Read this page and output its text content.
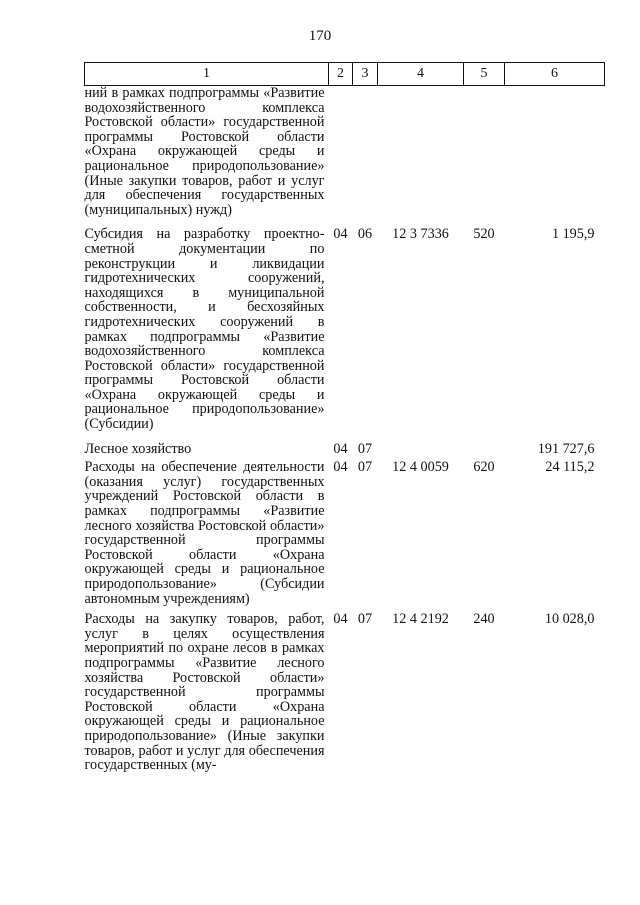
170
1	2	3	4	5	6
ний в рамках подпрограммы «Развитие водохозяйственного комплекса Ростовской области» государственной программы Ростовской области «Охрана окружающей среды и рациональное природопользование» (Иные закупки товаров, работ и услуг для обеспечения государственных (муниципальных) нужд)					

Субсидия на разработку проектно-сметной документации по реконструкции и ликвидации гидротехнических сооружений, находящихся в муниципальной собственности, и бесхозяйных гидротехнических сооружений в рамках подпрограммы «Развитие водохозяйственного комплекса Ростовской области» государственной программы Ростовской области «Охрана окружающей среды и рациональное природопользование» (Субсидии)	04	06	12 3 7336	520	1 195,9

Лесное хозяйство	04	07			191 727,6

Расходы на обеспечение деятельности (оказания услуг) государственных учреждений Ростовской области в рамках подпрограммы «Развитие лесного хозяйства Ростовской области» государственной программы Ростовской области «Охрана окружающей среды и рациональное природопользование» (Субсидии автономным учреждениям)	04	07	12 4 0059	620	24 115,2

Расходы на закупку товаров, работ, услуг в целях осуществления мероприятий по охране лесов в рамках подпрограммы «Развитие лесного хозяйства Ростовской области» государственной программы Ростовской области «Охрана окружающей среды и рациональное природопользование» (Иные закупки товаров, работ и услуг для обеспечения государственных (му-	04	07	12 4 2192	240	10 028,0
